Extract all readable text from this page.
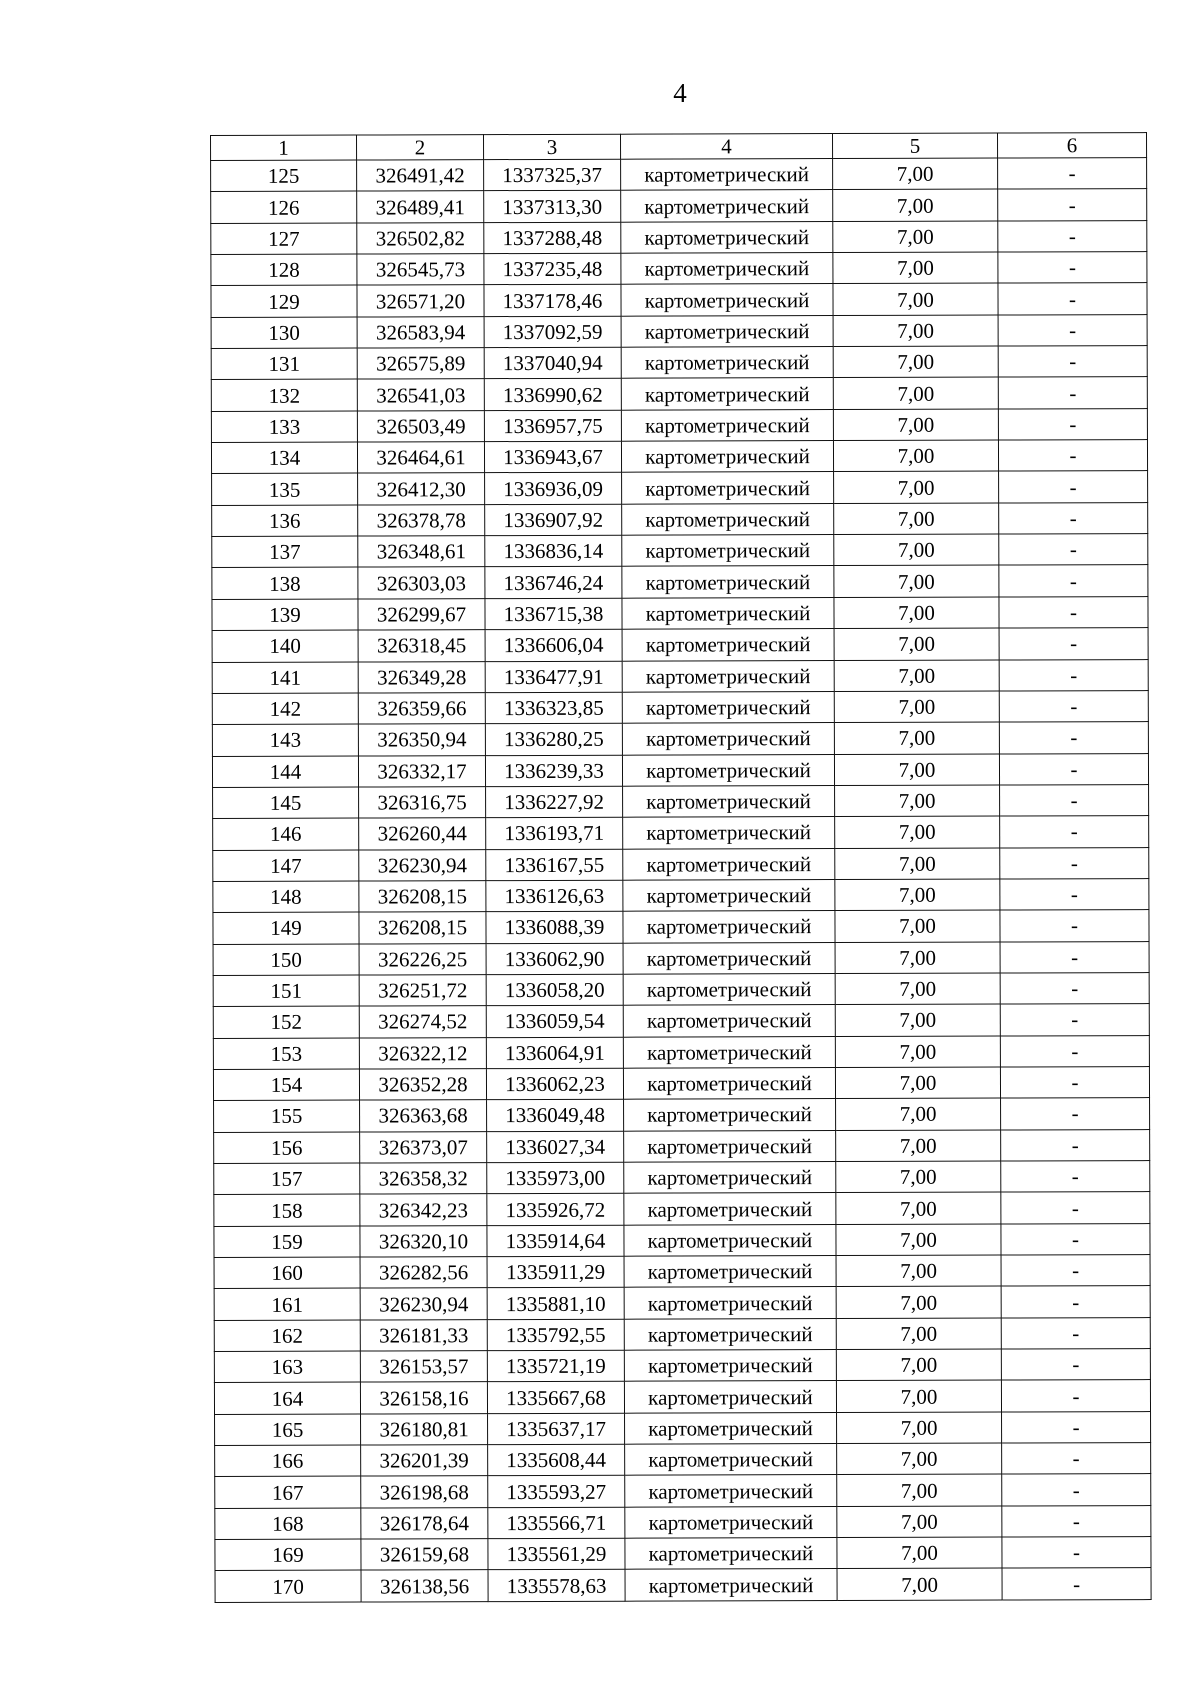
4
1	2	3	4	5	6
125	326491,42	1337325,37	картометрический	7,00	-
126	326489,41	1337313,30	картометрический	7,00	-
127	326502,82	1337288,48	картометрический	7,00	-
128	326545,73	1337235,48	картометрический	7,00	-
129	326571,20	1337178,46	картометрический	7,00	-
130	326583,94	1337092,59	картометрический	7,00	-
131	326575,89	1337040,94	картометрический	7,00	-
132	326541,03	1336990,62	картометрический	7,00	-
133	326503,49	1336957,75	картометрический	7,00	-
134	326464,61	1336943,67	картометрический	7,00	-
135	326412,30	1336936,09	картометрический	7,00	-
136	326378,78	1336907,92	картометрический	7,00	-
137	326348,61	1336836,14	картометрический	7,00	-
138	326303,03	1336746,24	картометрический	7,00	-
139	326299,67	1336715,38	картометрический	7,00	-
140	326318,45	1336606,04	картометрический	7,00	-
141	326349,28	1336477,91	картометрический	7,00	-
142	326359,66	1336323,85	картометрический	7,00	-
143	326350,94	1336280,25	картометрический	7,00	-
144	326332,17	1336239,33	картометрический	7,00	-
145	326316,75	1336227,92	картометрический	7,00	-
146	326260,44	1336193,71	картометрический	7,00	-
147	326230,94	1336167,55	картометрический	7,00	-
148	326208,15	1336126,63	картометрический	7,00	-
149	326208,15	1336088,39	картометрический	7,00	-
150	326226,25	1336062,90	картометрический	7,00	-
151	326251,72	1336058,20	картометрический	7,00	-
152	326274,52	1336059,54	картометрический	7,00	-
153	326322,12	1336064,91	картометрический	7,00	-
154	326352,28	1336062,23	картометрический	7,00	-
155	326363,68	1336049,48	картометрический	7,00	-
156	326373,07	1336027,34	картометрический	7,00	-
157	326358,32	1335973,00	картометрический	7,00	-
158	326342,23	1335926,72	картометрический	7,00	-
159	326320,10	1335914,64	картометрический	7,00	-
160	326282,56	1335911,29	картометрический	7,00	-
161	326230,94	1335881,10	картометрический	7,00	-
162	326181,33	1335792,55	картометрический	7,00	-
163	326153,57	1335721,19	картометрический	7,00	-
164	326158,16	1335667,68	картометрический	7,00	-
165	326180,81	1335637,17	картометрический	7,00	-
166	326201,39	1335608,44	картометрический	7,00	-
167	326198,68	1335593,27	картометрический	7,00	-
168	326178,64	1335566,71	картометрический	7,00	-
169	326159,68	1335561,29	картометрический	7,00	-
170	326138,56	1335578,63	картометрический	7,00	-
